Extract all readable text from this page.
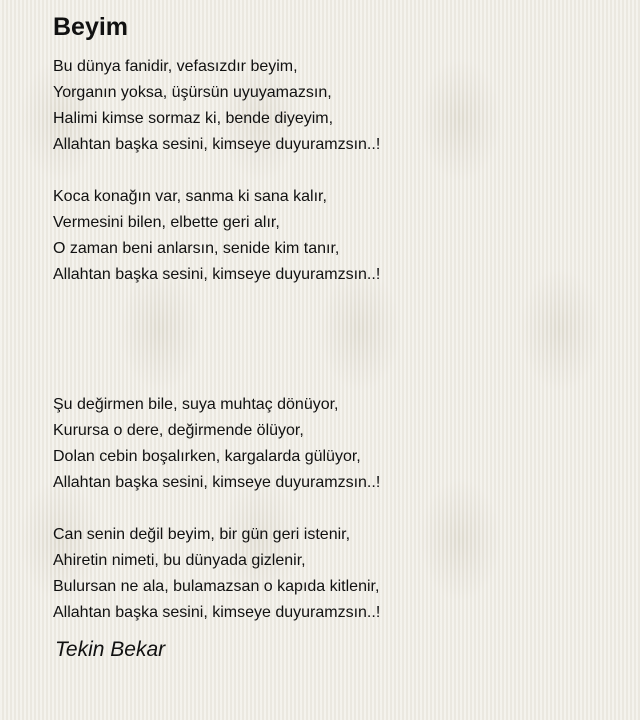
Beyim
Bu dünya fanidir, vefasızdır beyim,
Yorganın yoksa, üşürsün uyuyamazsın,
Halimi kimse sormaz ki, bende diyeyim,
Allahtan başka sesini, kimseye duyuramzsın..!
Koca konağın var, sanma ki sana kalır,
Vermesini bilen, elbette geri alır,
O zaman beni anlarsın, senide kim tanır,
Allahtan başka sesini, kimseye duyuramzsın..!
Şu değirmen bile, suya muhtaç dönüyor,
Kurursa o dere, değirmende ölüyor,
Dolan cebin boşalırken, kargalarda gülüyor,
Allahtan başka sesini, kimseye duyuramzsın..!
Can senin değil beyim, bir gün geri istenir,
Ahiretin nimeti, bu dünyada gizlenir,
Bulursan ne ala, bulamazsan o kapıda kitlenir,
Allahtan başka sesini, kimseye duyuramzsın..!
Tekin Bekar
